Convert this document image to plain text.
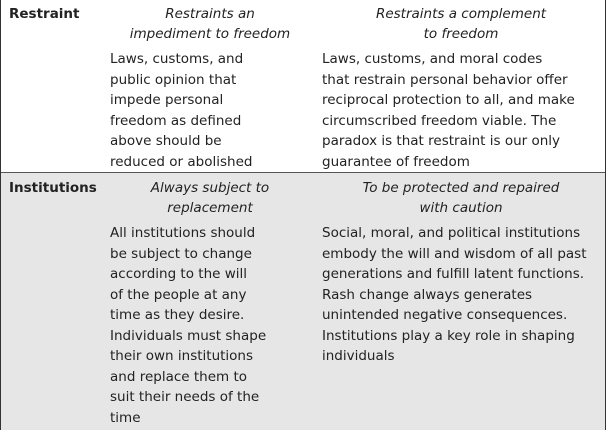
Restraint	Restraints an
impediment to freedom
Restraints a complement
to freedom
Laws, customs, and
public opinion that
impede personal
freedom as defined
above should be
reduced or abolished
Laws, customs, and moral codes
that restrain personal behavior offer
reciprocal protection to all, and make
circumscribed freedom viable. The
paradox is that restraint is our only
guarantee of freedom
Institutions	Always subject to
replacement
To be protected and repaired
with caution
All institutions should
be subject to change
according to the will
of the people at any
time as they desire.
Individuals must shape
their own institutions
and replace them to
suit their needs of the
time
Social, moral, and political institutions
embody the will and wisdom of all past
generations and fulfill latent functions.
Rash change always generates
unintended negative consequences.
Institutions play a key role in shaping
individuals
